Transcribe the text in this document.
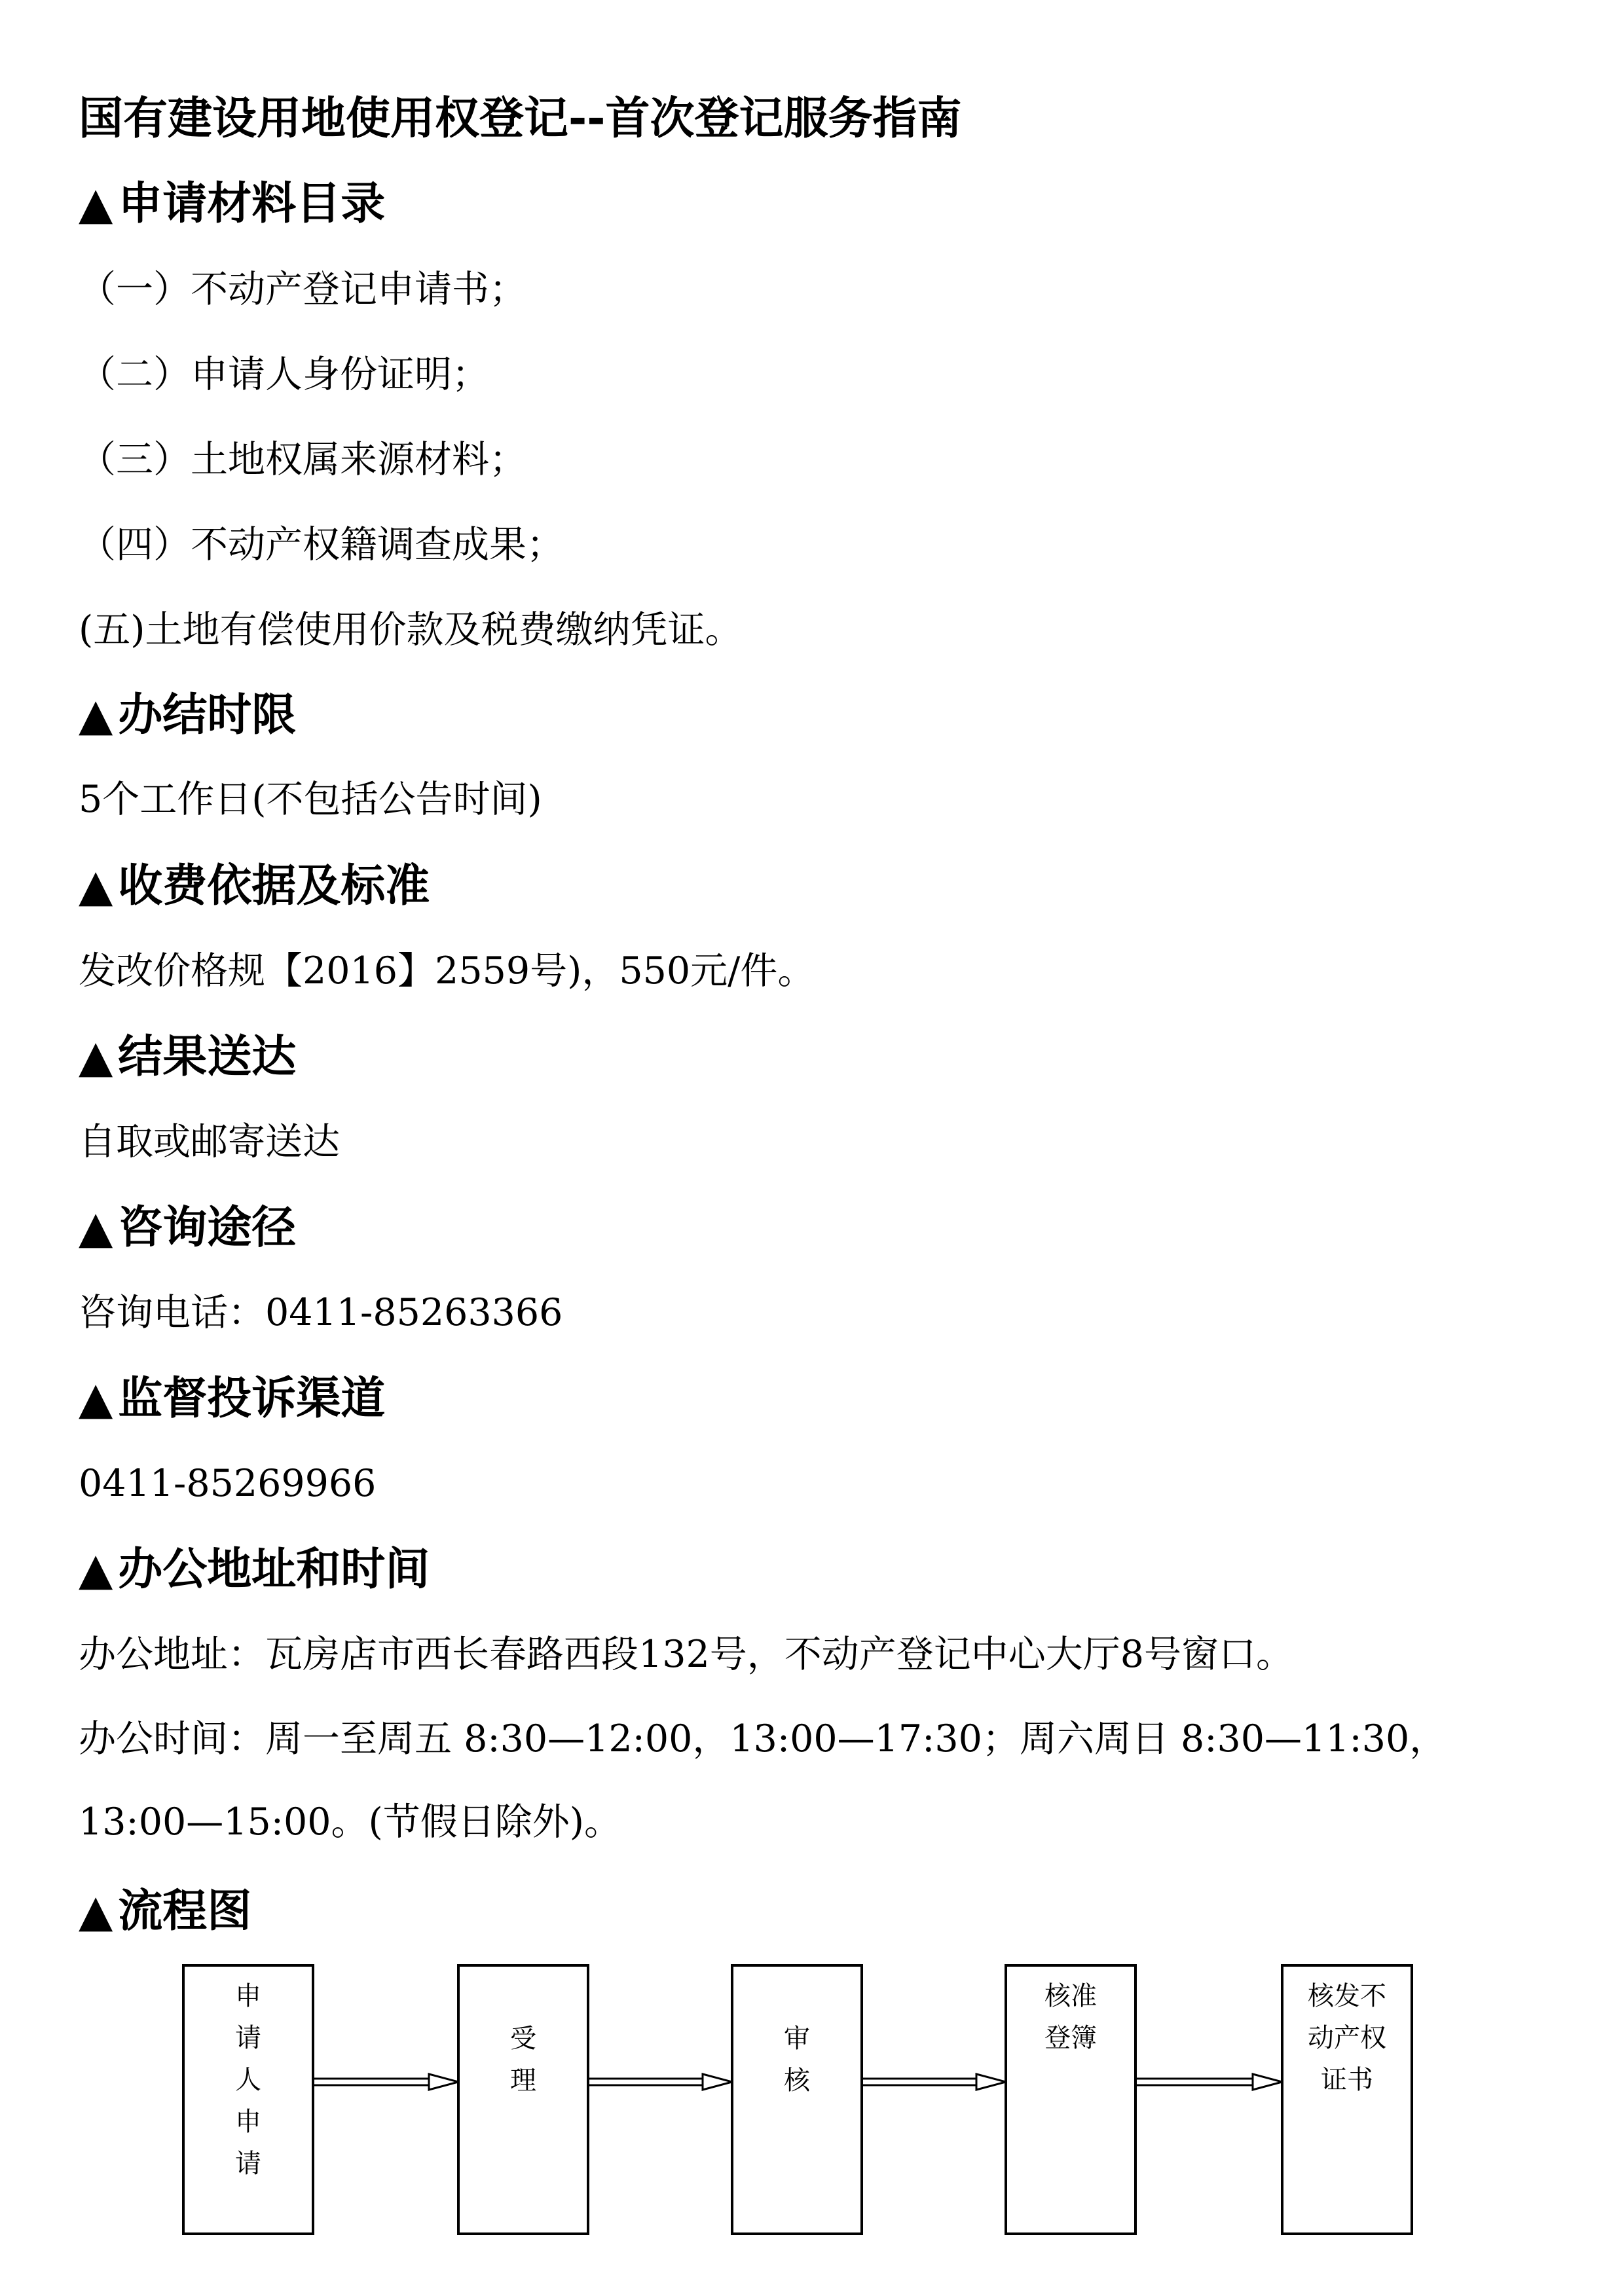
国有建设用地使用权登记--首次登记服务指南
▲ 申请材料目录
（一）不动产登记申请书；
（二）申请人身份证明；
（三）土地权属来源材料；
（四）不动产权籍调查成果；
(五)土地有偿使用价款及税费缴纳凭证。
▲ 办结时限
5个工作日(不包括公告时间)
▲ 收费依据及标准
发改价格规【2016】2559号)，550元/件。
▲ 结果送达
自取或邮寄送达
▲ 咨询途径
咨询电话：0411-85263366
▲ 监督投诉渠道
0411-85269966
▲ 办公地址和时间
办公地址：瓦房店市西长春路西段132号，不动产登记中心大厅8号窗口。
办公时间：周一至周五 8:30—12:00，13:00—17:30；周六周日 8:30—11:30，
13:00—15:00。(节假日除外)。
▲ 流程图
申
请
人
申
请
受
理
审
核
核准
登簿
核发不
动产权
证书
